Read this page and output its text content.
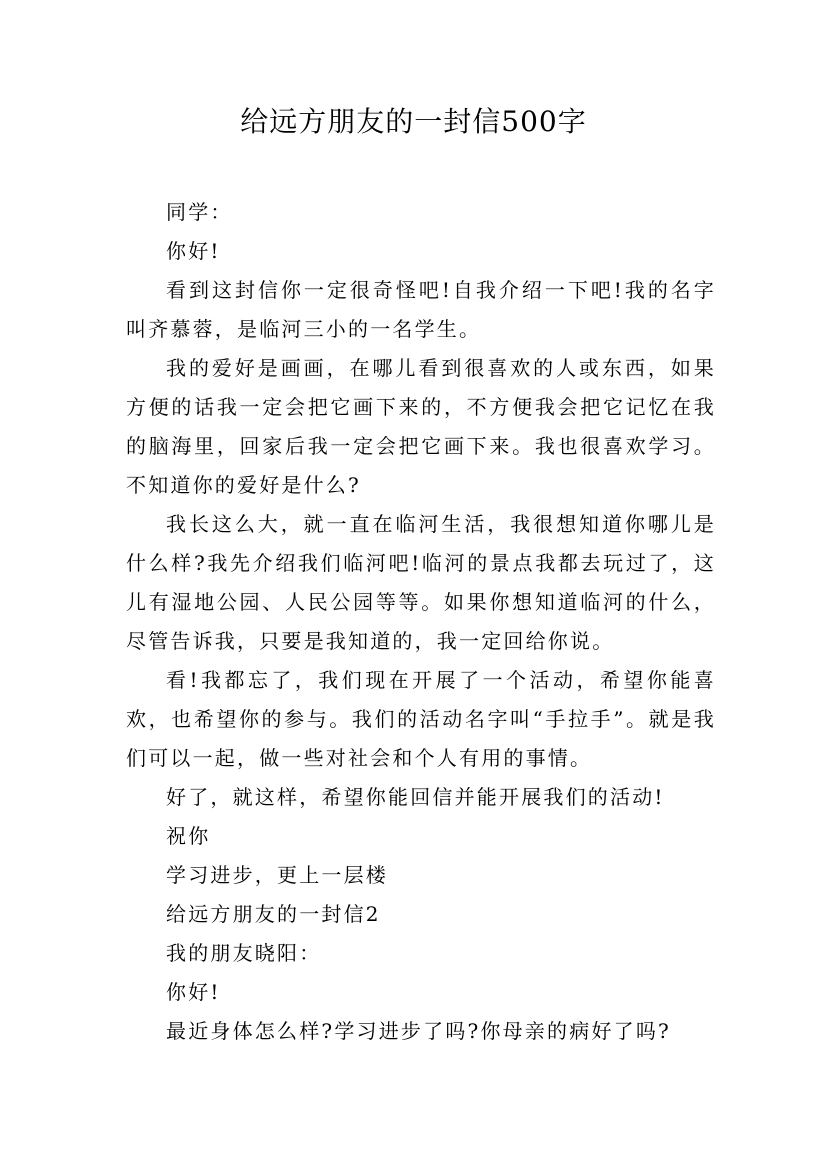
给远方朋友的一封信500字

同学：

你好!

看到这封信你一定很奇怪吧!自我介绍一下吧!我的名字叫齐慕蓉，是临河三小的一名学生。

我的爱好是画画，在哪儿看到很喜欢的人或东西，如果方便的话我一定会把它画下来的，不方便我会把它记忆在我的脑海里，回家后我一定会把它画下来。我也很喜欢学习。不知道你的爱好是什么?

我长这么大，就一直在临河生活，我很想知道你哪儿是什么样?我先介绍我们临河吧!临河的景点我都去玩过了，这儿有湿地公园、人民公园等等。如果你想知道临河的什么，尽管告诉我，只要是我知道的，我一定回给你说。

看!我都忘了，我们现在开展了一个活动，希望你能喜欢，也希望你的参与。我们的活动名字叫“手拉手”。就是我们可以一起，做一些对社会和个人有用的事情。

好了，就这样，希望你能回信并能开展我们的活动!

祝你

学习进步，更上一层楼

给远方朋友的一封信2

我的朋友晓阳：

你好!

最近身体怎么样?学习进步了吗?你母亲的病好了吗?
